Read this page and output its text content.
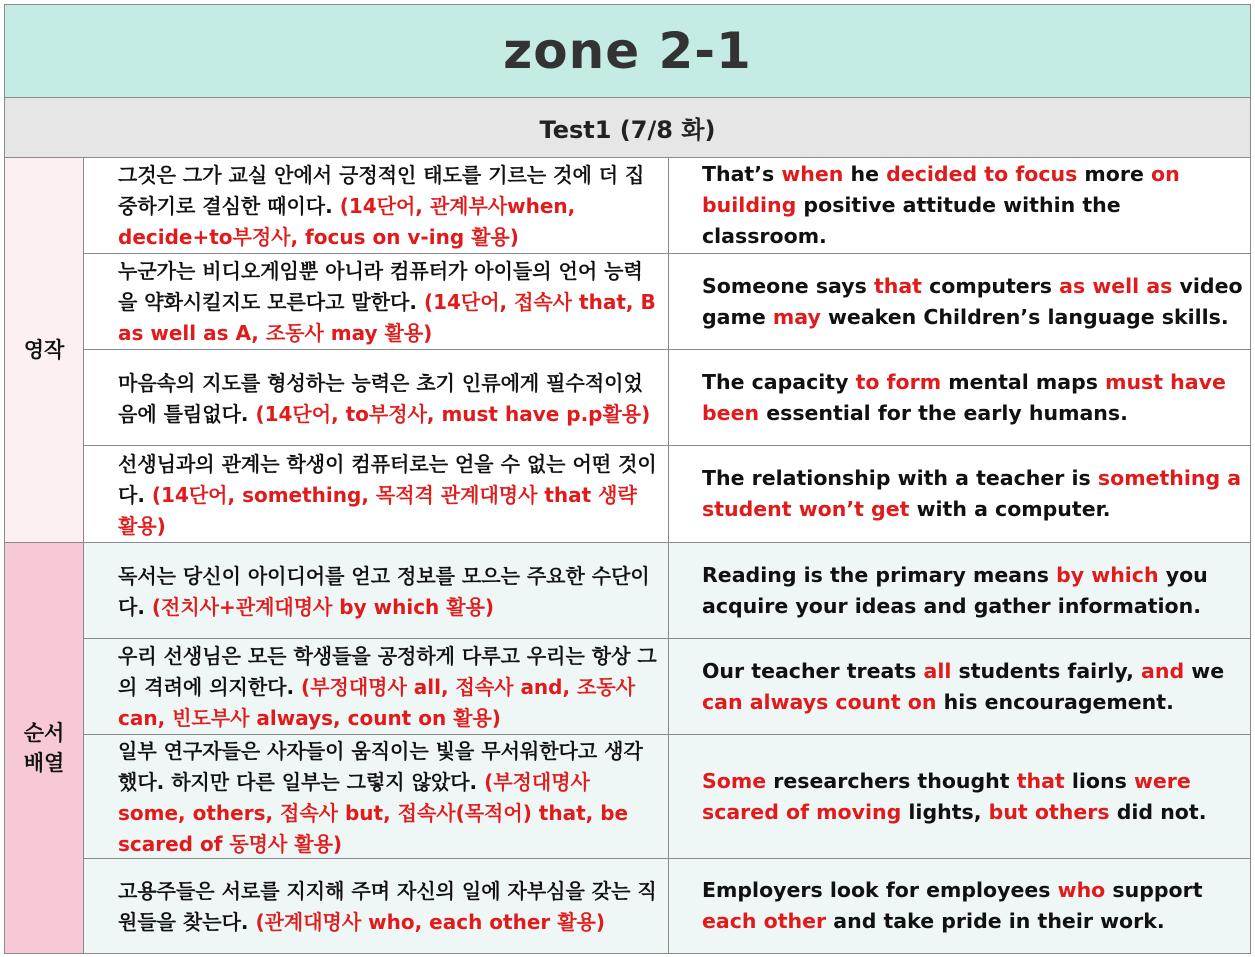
zone 2-1
Test1 (7/8 화)
영작
순서
배열
그것은 그가 교실 안에서 긍정적인 태도를 기르는 것에 더 집중하기로 결심한 때이다. (14단어, 관계부사when, decide+to부정사, focus on v-ing 활용)
That’s when he decided to focus more on building positive attitude within the classroom.
누군가는 비디오게임뿐 아니라 컴퓨터가 아이들의 언어 능력을 약화시킬지도 모른다고 말한다. (14단어, 접속사 that, B as well as A, 조동사 may 활용)
Someone says that computers as well as video game may weaken Children’s language skills.
마음속의 지도를 형성하는 능력은 초기 인류에게 필수적이었음에 틀림없다. (14단어, to부정사, must have p.p활용)
The capacity to form mental maps must have been essential for the early humans.
선생님과의 관계는 학생이 컴퓨터로는 얻을 수 없는 어떤 것이다. (14단어, something, 목적격 관계대명사 that 생략 활용)
The relationship with a teacher is something a student won’t get with a computer.
독서는 당신이 아이디어를 얻고 정보를 모으는 주요한 수단이다. (전치사+관계대명사 by which 활용)
Reading is the primary means by which you acquire your ideas and gather information.
우리 선생님은 모든 학생들을 공정하게 다루고 우리는 항상 그의 격려에 의지한다. (부정대명사 all, 접속사 and, 조동사 can, 빈도부사 always, count on 활용)
Our teacher treats all students fairly, and we can always count on his encouragement.
일부 연구자들은 사자들이 움직이는 빛을 무서워한다고 생각했다. 하지만 다른 일부는 그렇지 않았다. (부정대명사 some, others, 접속사 but, 접속사(목적어) that, be scared of 동명사 활용)
Some researchers thought that lions were scared of moving lights, but others did not.
고용주들은 서로를 지지해 주며 자신의 일에 자부심을 갖는 직원들을 찾는다. (관계대명사 who, each other 활용)
Employers look for employees who support each other and take pride in their work.
